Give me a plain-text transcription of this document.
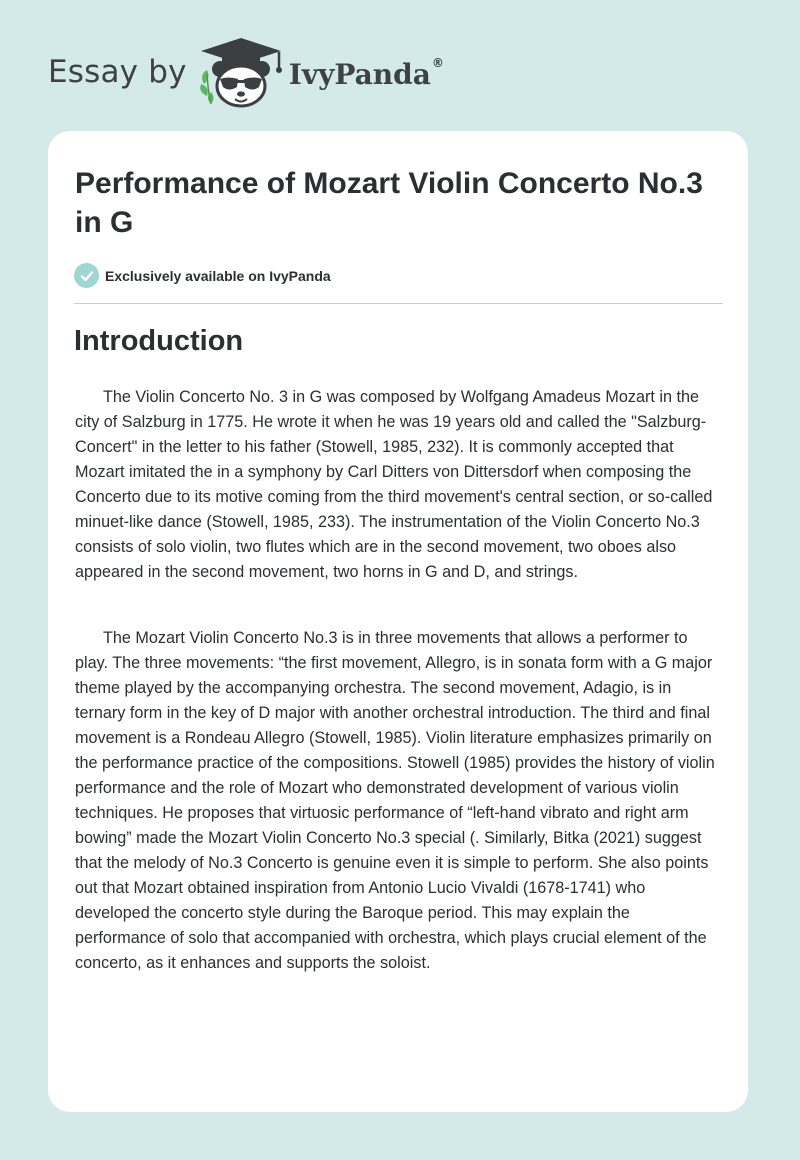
Essay by	IvyPanda ®
Performance of Mozart Violin Concerto No.3 in G
Exclusively available on IvyPanda
Introduction

The Violin Concerto No. 3 in G was composed by Wolfgang Amadeus Mozart in the city of Salzburg in 1775. He wrote it when he was 19 years old and called the "Salzburg-Concert" in the letter to his father (Stowell, 1985, 232). It is commonly accepted that Mozart imitated the in a symphony by Carl Ditters von Dittersdorf when composing the Concerto due to its motive coming from the third movement's central section, or so-called minuet-like dance (Stowell, 1985, 233). The instrumentation of the Violin Concerto No.3 consists of solo violin, two flutes which are in the second movement, two oboes also appeared in the second movement, two horns in G and D, and strings.

The Mozart Violin Concerto No.3 is in three movements that allows a performer to play. The three movements: “the first movement, Allegro, is in sonata form with a G major theme played by the accompanying orchestra. The second movement, Adagio, is in ternary form in the key of D major with another orchestral introduction. The third and final movement is a Rondeau Allegro (Stowell, 1985). Violin literature emphasizes primarily on the performance practice of the compositions. Stowell (1985) provides the history of violin performance and the role of Mozart who demonstrated development of various violin techniques. He proposes that virtuosic performance of “left-hand vibrato and right arm bowing” made the Mozart Violin Concerto No.3 special (. Similarly, Bitka (2021) suggest that the melody of No.3 Concerto is genuine even it is simple to perform. She also points out that Mozart obtained inspiration from Antonio Lucio Vivaldi (1678-1741) who developed the concerto style during the Baroque period. This may explain the performance of solo that accompanied with orchestra, which plays crucial element of the concerto, as it enhances and supports the soloist.
